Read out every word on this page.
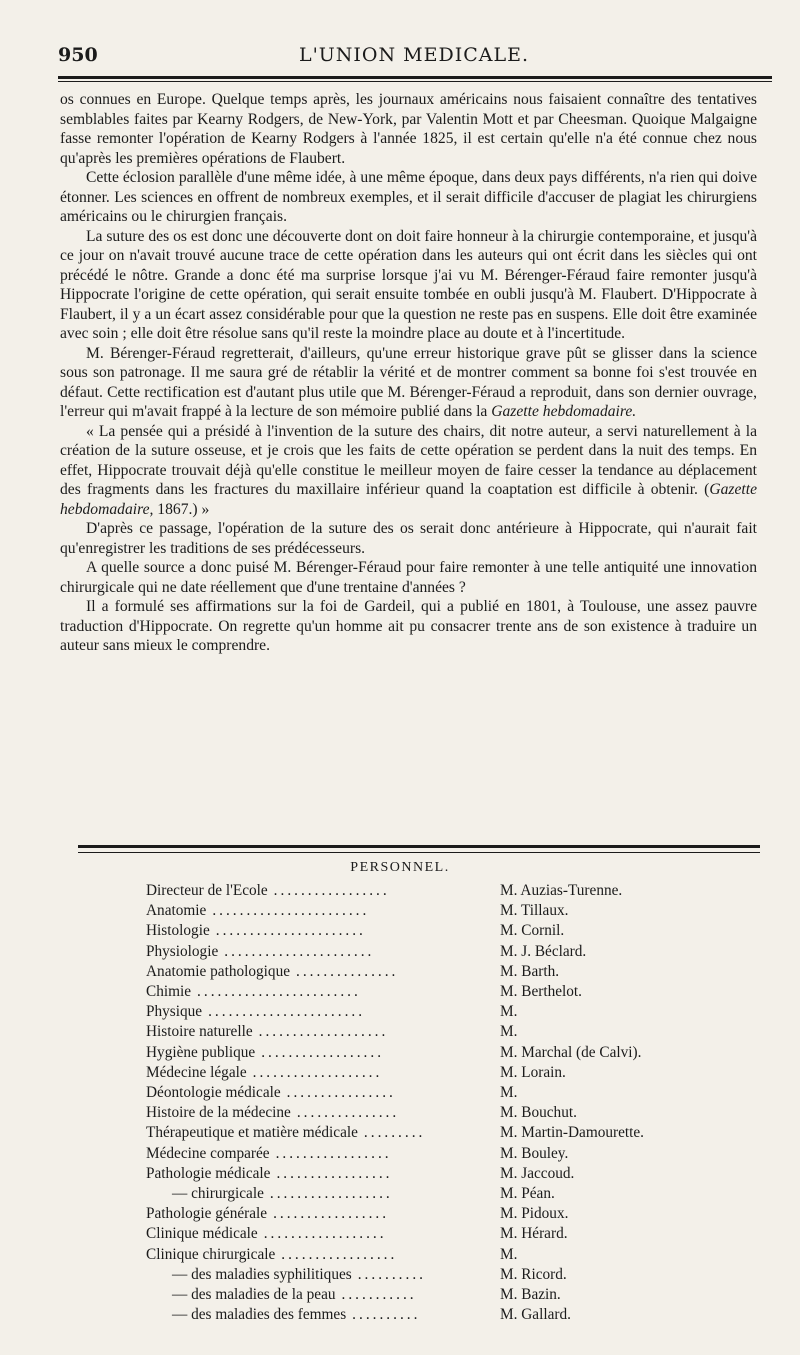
950	L'UNION MEDICALE.

os connues en Europe. Quelque temps après, les journaux américains nous faisaient connaître des tentatives semblables faites par Kearny Rodgers, de New-York, par Valentin Mott et par Cheesman. Quoique Malgaigne fasse remonter l'opération de Kearny Rodgers à l'année 1825, il est certain qu'elle n'a été connue chez nous qu'après les premières opérations de Flaubert.

Cette éclosion parallèle d'une même idée, à une même époque, dans deux pays différents, n'a rien qui doive étonner. Les sciences en offrent de nombreux exemples, et il serait difficile d'accuser de plagiat les chirurgiens américains ou le chirurgien français.

La suture des os est donc une découverte dont on doit faire honneur à la chirurgie contemporaine, et jusqu'à ce jour on n'avait trouvé aucune trace de cette opération dans les auteurs qui ont écrit dans les siècles qui ont précédé le nôtre. Grande a donc été ma surprise lorsque j'ai vu M. Bérenger-Féraud faire remonter jusqu'à Hippocrate l'origine de cette opération, qui serait ensuite tombée en oubli jusqu'à M. Flaubert. D'Hippocrate à Flaubert, il y a un écart assez considérable pour que la question ne reste pas en suspens. Elle doit être examinée avec soin ; elle doit être résolue sans qu'il reste la moindre place au doute et à l'incertitude.

M. Bérenger-Féraud regretterait, d'ailleurs, qu'une erreur historique grave pût se glisser dans la science sous son patronage. Il me saura gré de rétablir la vérité et de montrer comment sa bonne foi s'est trouvée en défaut. Cette rectification est d'autant plus utile que M. Bérenger-Féraud a reproduit, dans son dernier ouvrage, l'erreur qui m'avait frappé à la lecture de son mémoire publié dans la Gazette hebdomadaire.

« La pensée qui a présidé à l'invention de la suture des chairs, dit notre auteur, a servi naturellement à la création de la suture osseuse, et je crois que les faits de cette opération se perdent dans la nuit des temps. En effet, Hippocrate trouvait déjà qu'elle constitue le meilleur moyen de faire cesser la tendance au déplacement des fragments dans les fractures du maxillaire inférieur quand la coaptation est difficile à obtenir. (Gazette hebdomadaire, 1867.) »

D'après ce passage, l'opération de la suture des os serait donc antérieure à Hippocrate, qui n'aurait fait qu'enregistrer les traditions de ses prédécesseurs.

A quelle source a donc puisé M. Bérenger-Féraud pour faire remonter à une telle antiquité une innovation chirurgicale qui ne date réellement que d'une trentaine d'années ?

Il a formulé ses affirmations sur la foi de Gardeil, qui a publié en 1801, à Toulouse, une assez pauvre traduction d'Hippocrate. On regrette qu'un homme ait pu consacrer trente ans de son existence à traduire un auteur sans mieux le comprendre.

PERSONNEL.
Directeur de l'Ecole	M. Auzias-Turenne.
.................
Anatomie	M. Tillaux.
.......................
Histologie	M. Cornil.
......................
Physiologie	M. J. Béclard.
......................
Anatomie pathologique	M. Barth.
...............
Chimie	M. Berthelot.
........................
Physique	M.
.......................
Histoire naturelle	M.
...................
Hygiène publique	M. Marchal (de Calvi).
..................
Médecine légale	M. Lorain.
...................
Déontologie médicale	M.
................
Histoire de la médecine	M. Bouchut.
...............
Thérapeutique et matière médicale	M. Martin-Damourette.
.........
Médecine comparée	M. Bouley.
.................
Pathologie médicale	M. Jaccoud.
.................
— chirurgicale	M. Péan.
..................
Pathologie générale	M. Pidoux.
.................
Clinique médicale	M. Hérard.
..................
Clinique chirurgicale	M.
.................
— des maladies syphilitiques	M. Ricord.
..........
— des maladies de la peau	M. Bazin.
...........
— des maladies des femmes	M. Gallard.
..........
